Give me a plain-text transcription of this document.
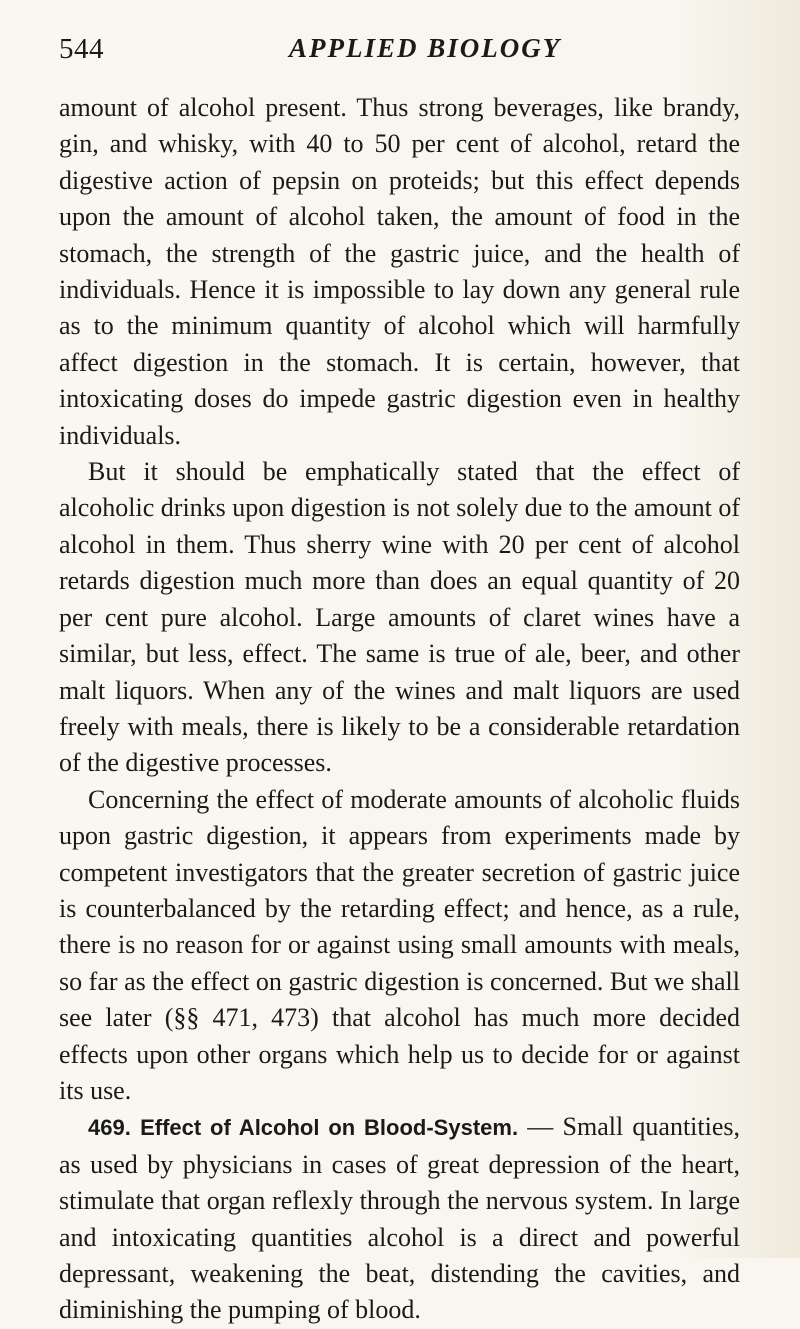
544	APPLIED BIOLOGY

amount of alcohol present. Thus strong beverages, like brandy, gin, and whisky, with 40 to 50 per cent of alcohol, retard the digestive action of pepsin on proteids; but this effect depends upon the amount of alcohol taken, the amount of food in the stomach, the strength of the gastric juice, and the health of individuals. Hence it is impossible to lay down any general rule as to the minimum quantity of alcohol which will harmfully affect digestion in the stomach. It is certain, however, that intoxicating doses do impede gastric digestion even in healthy individuals.

But it should be emphatically stated that the effect of alcoholic drinks upon digestion is not solely due to the amount of alcohol in them. Thus sherry wine with 20 per cent of alcohol retards digestion much more than does an equal quantity of 20 per cent pure alcohol. Large amounts of claret wines have a similar, but less, effect. The same is true of ale, beer, and other malt liquors. When any of the wines and malt liquors are used freely with meals, there is likely to be a considerable retardation of the digestive processes.

Concerning the effect of moderate amounts of alcoholic fluids upon gastric digestion, it appears from experiments made by competent investigators that the greater secretion of gastric juice is counterbalanced by the retarding effect; and hence, as a rule, there is no reason for or against using small amounts with meals, so far as the effect on gastric digestion is concerned. But we shall see later (§§ 471, 473) that alcohol has much more decided effects upon other organs which help us to decide for or against its use.

469. Effect of Alcohol on Blood-System. — Small quantities, as used by physicians in cases of great depression of the heart, stimulate that organ reflexly through the nervous system. In large and intoxicating quantities alcohol is a direct and powerful depressant, weakening the beat, distending the cavities, and diminishing the pumping of blood.
